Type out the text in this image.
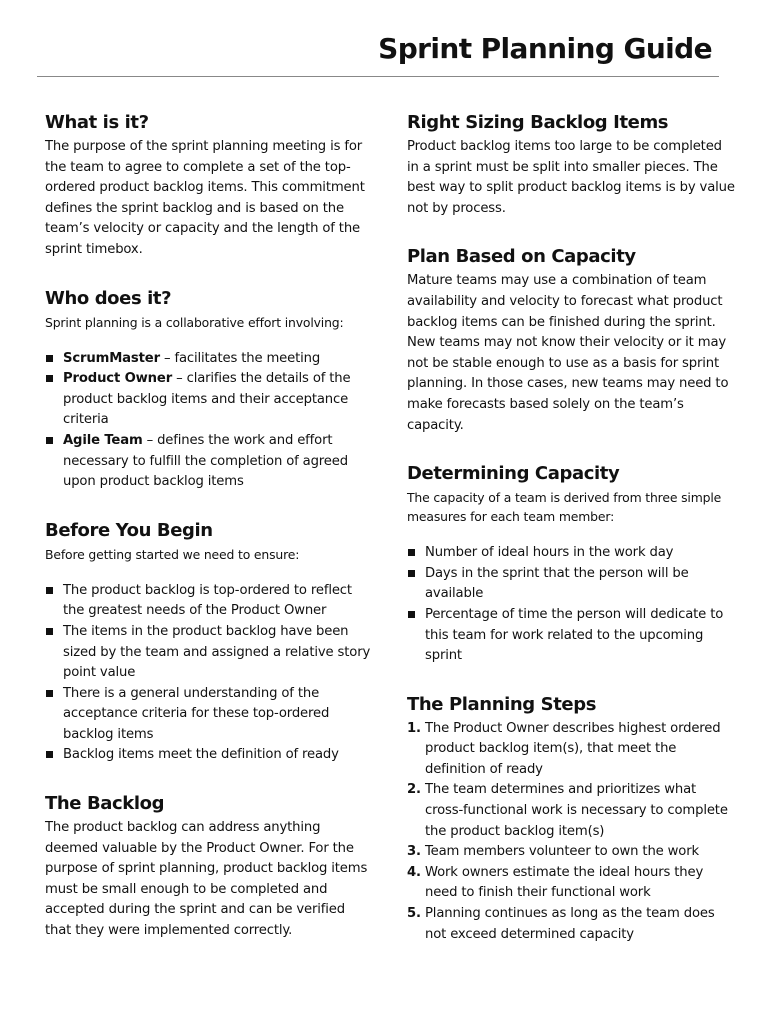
Sprint Planning Guide
What is it?

The purpose of the sprint planning meeting is for the team to agree to complete a set of the top-ordered product backlog items. This commitment defines the sprint backlog and is based on the team’s velocity or capacity and the length of the sprint timebox.

Who does it?

Sprint planning is a collaborative effort involving:

ScrumMaster – facilitates the meeting
Product Owner – clarifies the details of the product backlog items and their acceptance criteria
Agile Team – defines the work and effort necessary to fulfill the completion of agreed upon product backlog items
Before You Begin

Before getting started we need to ensure:

The product backlog is top-ordered to reflect the greatest needs of the Product Owner
The items in the product backlog have been sized by the team and assigned a relative story point value
There is a general understanding of the acceptance criteria for these top-ordered backlog items
Backlog items meet the definition of ready
The Backlog

The product backlog can address anything deemed valuable by the Product Owner. For the purpose of sprint planning, product backlog items must be small enough to be completed and accepted during the sprint and can be verified that they were implemented correctly.

Right Sizing Backlog Items

Product backlog items too large to be completed in a sprint must be split into smaller pieces. The best way to split product backlog items is by value not by process.

Plan Based on Capacity

Mature teams may use a combination of team availability and velocity to forecast what product backlog items can be finished during the sprint. New teams may not know their velocity or it may not be stable enough to use as a basis for sprint planning. In those cases, new teams may need to make forecasts based solely on the team’s capacity.

Determining Capacity

The capacity of a team is derived from three simple measures for each team member:

Number of ideal hours in the work day
Days in the sprint that the person will be available
Percentage of time the person will dedicate to this team for work related to the upcoming sprint
The Planning Steps
1. The Product Owner describes highest ordered product backlog item(s), that meet the definition of ready
2. The team determines and prioritizes what cross-functional work is necessary to complete the product backlog item(s)
3. Team members volunteer to own the work
4. Work owners estimate the ideal hours they need to finish their functional work
5. Planning continues as long as the team does not exceed determined capacity
